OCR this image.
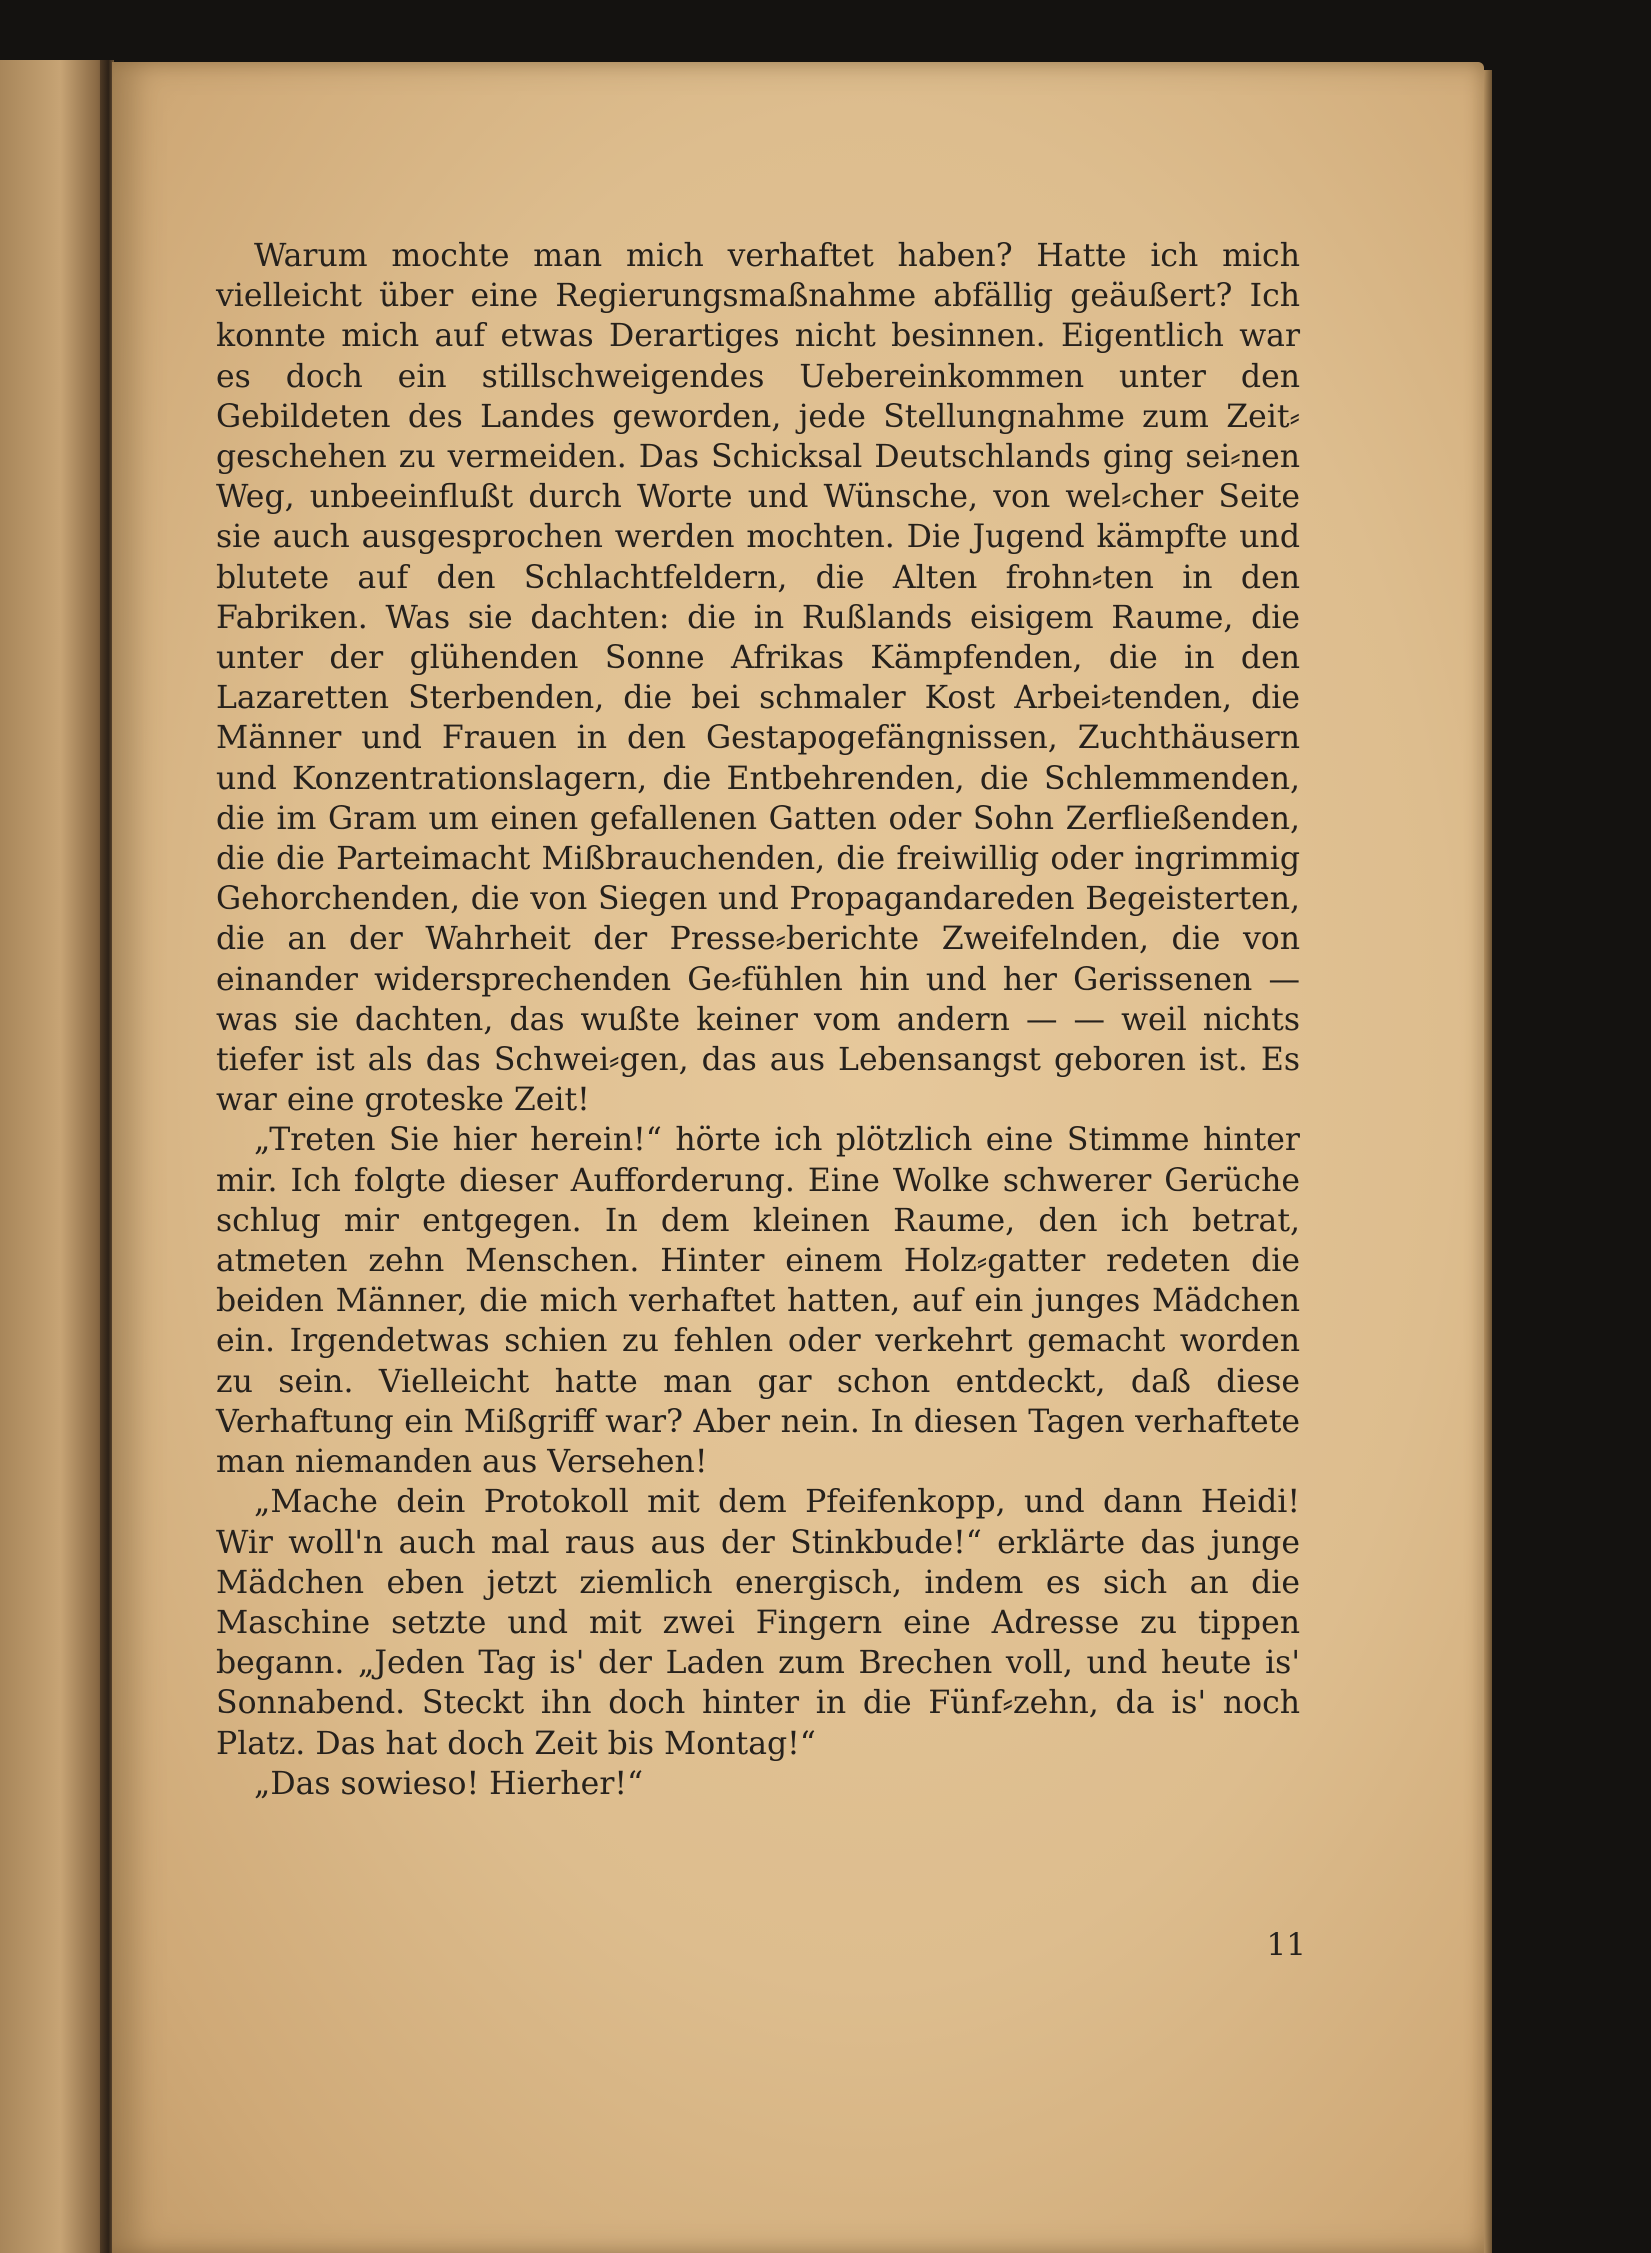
Warum mochte man mich verhaftet haben? Hatte ich mich vielleicht über eine Regierungsmaßnahme abfällig geäußert? Ich konnte mich auf etwas Derartiges nicht besinnen. Eigentlich war es doch ein stillschweigendes Uebereinkommen unter den Gebildeten des Landes geworden, jede Stellungnahme zum Zeit⸗geschehen zu vermeiden. Das Schicksal Deutschlands ging sei⸗nen Weg, unbeeinflußt durch Worte und Wünsche, von wel⸗cher Seite sie auch ausgesprochen werden mochten. Die Jugend kämpfte und blutete auf den Schlachtfeldern, die Alten frohn⸗ten in den Fabriken. Was sie dachten: die in Rußlands eisigem Raume, die unter der glühenden Sonne Afrikas Kämpfenden, die in den Lazaretten Sterbenden, die bei schmaler Kost Arbei⸗tenden, die Männer und Frauen in den Gestapogefängnissen, Zuchthäusern und Konzentrationslagern, die Entbehrenden, die Schlemmenden, die im Gram um einen gefallenen Gatten oder Sohn Zerfließenden, die die Parteimacht Mißbrauchenden, die freiwillig oder ingrimmig Gehorchenden, die von Siegen und Propagandareden Begeisterten, die an der Wahrheit der Presse⸗berichte Zweifelnden, die von einander widersprechenden Ge⸗fühlen hin und her Gerissenen — was sie dachten, das wußte keiner vom andern — — weil nichts tiefer ist als das Schwei⸗gen, das aus Lebensangst geboren ist. Es war eine groteske Zeit!

„Treten Sie hier herein!“ hörte ich plötzlich eine Stimme hinter mir. Ich folgte dieser Aufforderung. Eine Wolke schwerer Gerüche schlug mir entgegen. In dem kleinen Raume, den ich betrat, atmeten zehn Menschen. Hinter einem Holz⸗gatter redeten die beiden Männer, die mich verhaftet hatten, auf ein junges Mädchen ein. Irgendetwas schien zu fehlen oder verkehrt gemacht worden zu sein. Vielleicht hatte man gar schon entdeckt, daß diese Verhaftung ein Mißgriff war? Aber nein. In diesen Tagen verhaftete man niemanden aus Versehen!

„Mache dein Protokoll mit dem Pfeifenkopp, und dann Heidi! Wir woll'n auch mal raus aus der Stinkbude!“ erklärte das junge Mädchen eben jetzt ziemlich energisch, indem es sich an die Maschine setzte und mit zwei Fingern eine Adresse zu tippen begann. „Jeden Tag is' der Laden zum Brechen voll, und heute is' Sonnabend. Steckt ihn doch hinter in die Fünf⸗zehn, da is' noch Platz. Das hat doch Zeit bis Montag!“

„Das sowieso! Hierher!“

11
